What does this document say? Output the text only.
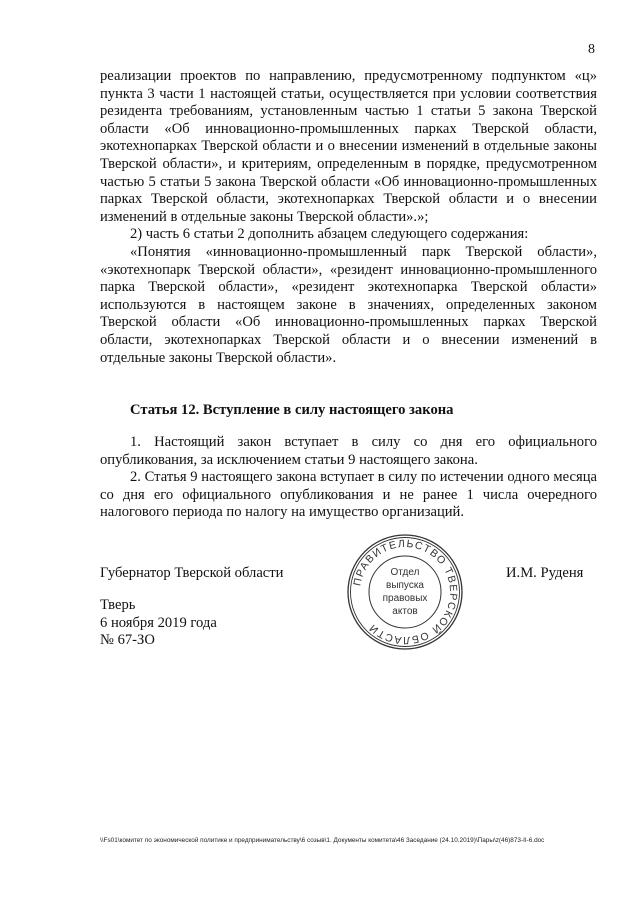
8

реализации проектов по направлению, предусмотренному подпунктом «ц» пункта 3 части 1 настоящей статьи, осуществляется при условии соответствия резидента требованиям, установленным частью 1 статьи 5 закона Тверской области «Об инновационно-промышленных парках Тверской области, экотехнопарках Тверской области и о внесении изменений в отдельные законы Тверской области», и критериям, определенным в порядке, предусмотренном частью 5 статьи 5 закона Тверской области «Об инновационно-промышленных парках Тверской области, экотехнопарках Тверской области и о внесении изменений в отдельные законы Тверской области».»;

2) часть 6 статьи 2 дополнить абзацем следующего содержания:

«Понятия «инновационно-промышленный парк Тверской области», «экотехнопарк Тверской области», «резидент инновационно-промышленного парка Тверской области», «резидент экотехнопарка Тверской области» используются в настоящем законе в значениях, определенных законом Тверской области «Об инновационно-промышленных парках Тверской области, экотехнопарках Тверской области и о внесении изменений в отдельные законы Тверской области».

Статья 12. Вступление в силу настоящего закона

1. Настоящий закон вступает в силу со дня его официального опубликования, за исключением статьи 9 настоящего закона.

2. Статья 9 настоящего закона вступает в силу по истечении одного месяца со дня его официального опубликования и не ранее 1 числа очередного налогового периода по налогу на имущество организаций.

Губернатор Тверской области	И.М. Руденя
Тверь
6 ноября 2019 года
№ 67-ЗО
ПРАВИТЕЛЬСТВО ТВЕРСКОЙ ОБЛАСТИ
Отдел
выпуска
правовых
актов
\\Fs01\комитет по экономической политике и предпринимательству\6 созыв\1. Документы комитета\46 Заседание (24.10.2019)\Пары\z(46)873-II-6.doc
